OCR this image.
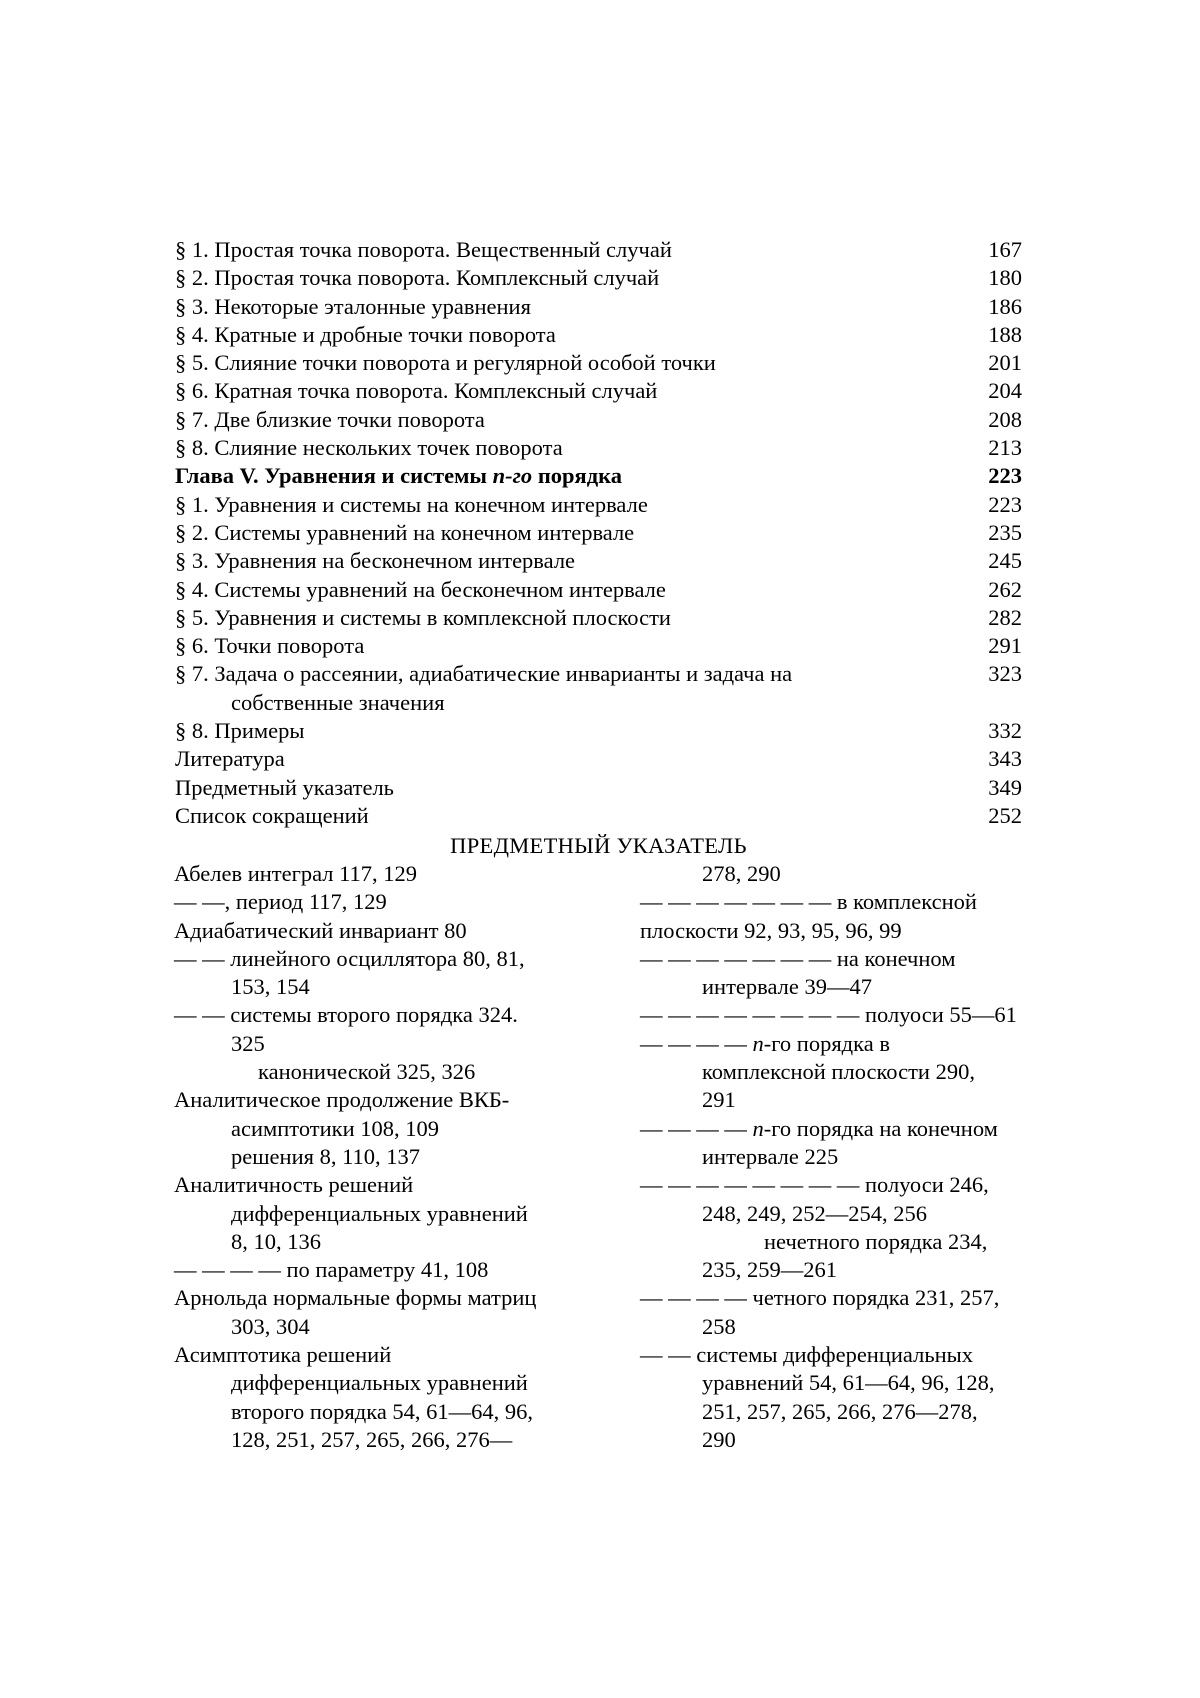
§ 1. Простая точка поворота. Вещественный случай	167
§ 2. Простая точка поворота. Комплексный случай	180
§ 3. Некоторые эталонные уравнения	186
§ 4. Кратные и дробные точки поворота	188
§ 5. Слияние точки поворота и регулярной особой точки	201
§ 6. Кратная точка поворота. Комплексный случай	204
§ 7. Две близкие точки поворота	208
§ 8. Слияние нескольких точек поворота	213
Глава V. Уравнения и системы n-го порядка	223
§ 1. Уравнения и системы на конечном интервале	223
§ 2. Системы уравнений на конечном интервале	235
§ 3. Уравнения на бесконечном интервале	245
§ 4. Системы уравнений на бесконечном интервале	262
§ 5. Уравнения и системы в комплексной плоскости	282
§ 6. Точки поворота	291
§ 7. Задача о рассеянии, адиабатические инварианты и задача на
собственные значения
323
§ 8. Примеры	332
Литература	343
Предметный указатель	349
Список сокращений	252
ПРЕДМЕТНЫЙ УКАЗАТЕЛЬ
Абелев интеграл 117, 129
— —, период 117, 129
Адиабатический инвариант 80
— — линейного осциллятора 80, 81,
153, 154
— — системы второго порядка 324.
325
канонической 325, 326
Аналитическое продолжение ВКБ-
асимптотики 108, 109
решения 8, 110, 137
Аналитичность решений
дифференциальных уравнений
8, 10, 136
— — — — по параметру 41, 108
Арнольда нормальные формы матриц
303, 304
Асимптотика решений
дифференциальных уравнений
второго порядка 54, 61—64, 96,
128, 251, 257, 265, 266, 276—
278, 290
— — — — — — — в комплексной
плоскости 92, 93, 95, 96, 99
— — — — — — — на конечном
интервале 39—47
— — — — — — — — полуоси 55—61
— — — — n-го порядка в
комплексной плоскости 290,
291
— — — — n-го порядка на конечном
интервале 225
— — — — — — — — полуоси 246,
248, 249, 252—254, 256
нечетного порядка 234,
235, 259—261
— — — — четного порядка 231, 257,
258
— — системы дифференциальных
уравнений 54, 61—64, 96, 128,
251, 257, 265, 266, 276—278,
290
